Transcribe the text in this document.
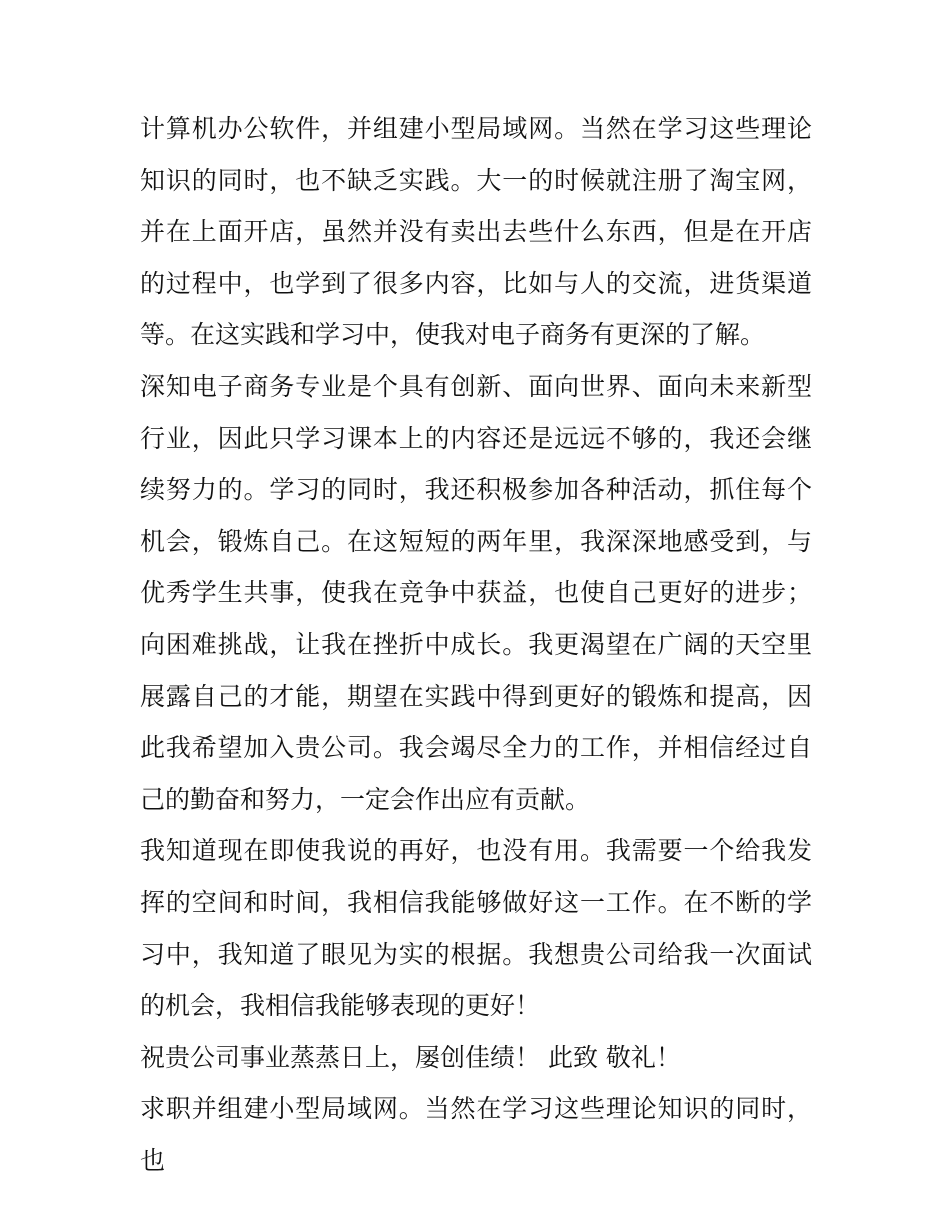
计算机办公软件，并组建小型局域网。当然在学习这些理论知识的同时，也不缺乏实践。大一的时候就注册了淘宝网，并在上面开店，虽然并没有卖出去些什么东西，但是在开店的过程中，也学到了很多内容，比如与人的交流，进货渠道等。在这实践和学习中，使我对电子商务有更深的了解。

深知电子商务专业是个具有创新、面向世界、面向未来新型行业，因此只学习课本上的内容还是远远不够的，我还会继续努力的。学习的同时，我还积极参加各种活动，抓住每个机会，锻炼自己。在这短短的两年里，我深深地感受到，与优秀学生共事，使我在竞争中获益，也使自己更好的进步；向困难挑战，让我在挫折中成长。我更渴望在广阔的天空里展露自己的才能，期望在实践中得到更好的锻炼和提高，因此我希望加入贵公司。我会竭尽全力的工作，并相信经过自己的勤奋和努力，一定会作出应有贡献。

我知道现在即使我说的再好，也没有用。我需要一个给我发挥的空间和时间，我相信我能够做好这一工作。在不断的学习中，我知道了眼见为实的根据。我想贵公司给我一次面试的机会，我相信我能够表现的更好！

祝贵公司事业蒸蒸日上，屡创佳绩！ 此致 敬礼！

求职并组建小型局域网。当然在学习这些理论知识的同时，也
